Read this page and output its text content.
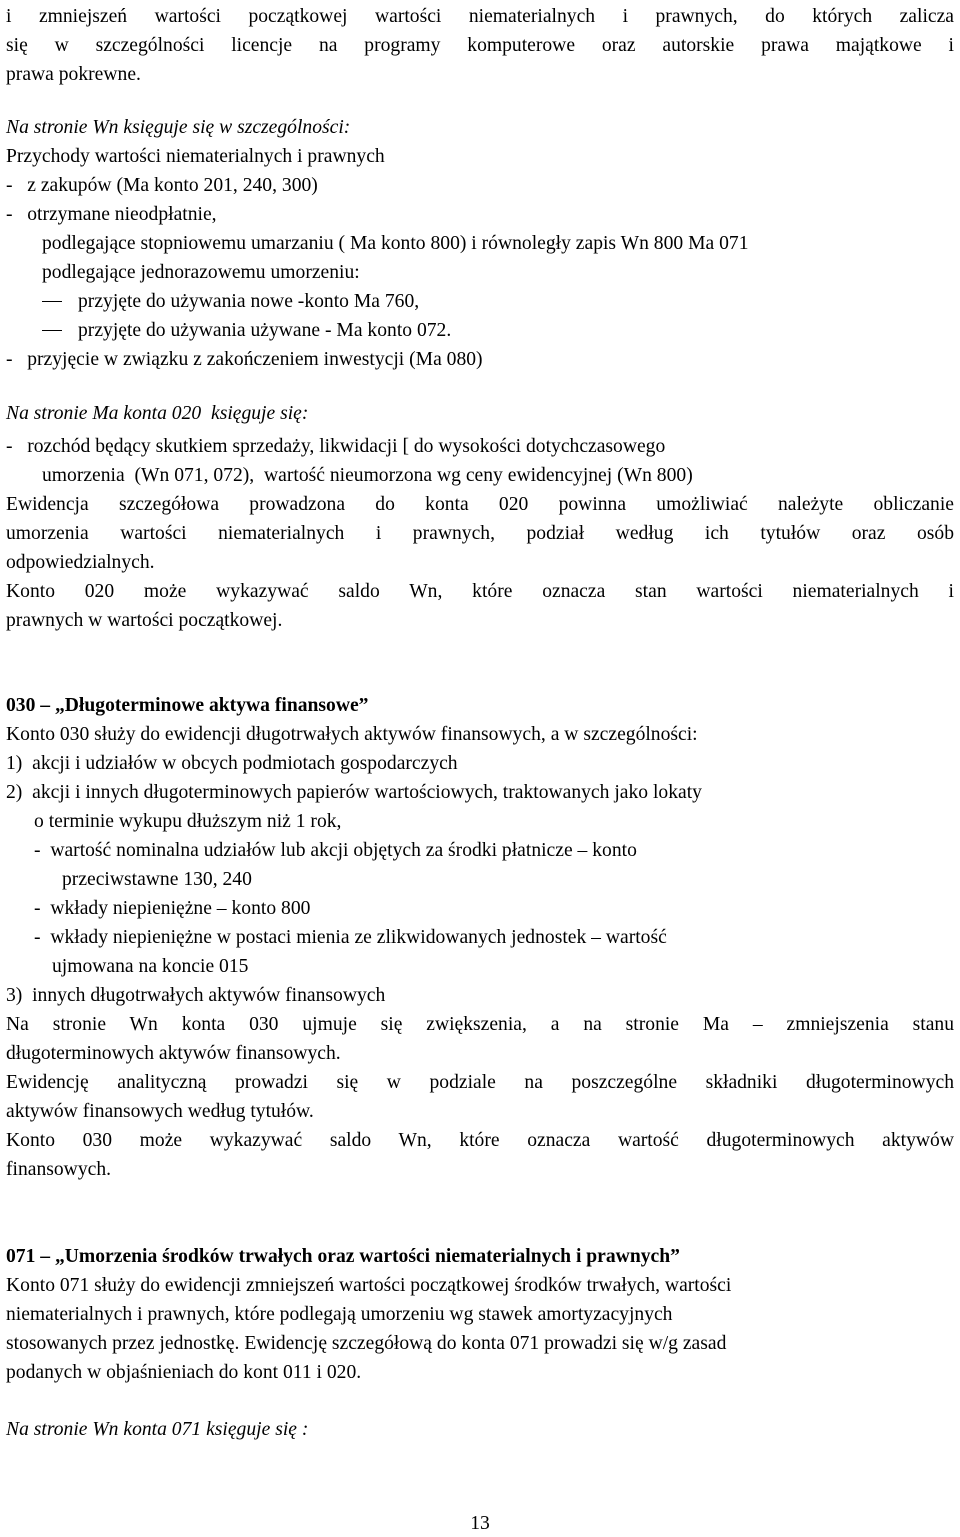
i zmniejszeń wartości początkowej wartości niematerialnych i prawnych, do których zalicza
się w szczególności licencje na programy komputerowe oraz autorskie prawa majątkowe i
prawa pokrewne.
Na stronie Wn księguje się w szczególności:
Przychody wartości niematerialnych i prawnych
-   z zakupów (Ma konto 201, 240, 300)
-   otrzymane nieodpłatnie,
podlegające stopniowemu umarzaniu ( Ma konto 800) i równoległy zapis Wn 800 Ma 071
podlegające jednorazowemu umorzeniu:
przyjęte do używania nowe -konto Ma 760,
przyjęte do używania używane - Ma konto 072.
-   przyjęcie w związku z zakończeniem inwestycji (Ma 080)
Na stronie Ma konta 020  księguje się:
-   rozchód będący skutkiem sprzedaży, likwidacji [ do wysokości dotychczasowego
umorzenia  (Wn 071, 072),  wartość nieumorzona wg ceny ewidencyjnej (Wn 800)
Ewidencja szczegółowa prowadzona do konta 020 powinna umożliwiać należyte obliczanie
umorzenia wartości niematerialnych i prawnych, podział według ich tytułów oraz osób
odpowiedzialnych.
Konto 020 może wykazywać saldo Wn, które oznacza stan wartości niematerialnych i
prawnych w wartości początkowej.
030 – „Długoterminowe aktywa finansowe”
Konto 030 służy do ewidencji długotrwałych aktywów finansowych, a w szczególności:
1)  akcji i udziałów w obcych podmiotach gospodarczych
2)  akcji i innych długoterminowych papierów wartościowych, traktowanych jako lokaty
o terminie wykupu dłuższym niż 1 rok,
-  wartość nominalna udziałów lub akcji objętych za środki płatnicze – konto
przeciwstawne 130, 240
-  wkłady niepieniężne – konto 800
-  wkłady niepieniężne w postaci mienia ze zlikwidowanych jednostek – wartość
ujmowana na koncie 015
3)  innych długotrwałych aktywów finansowych
Na stronie Wn konta 030 ujmuje się zwiększenia, a na stronie Ma – zmniejszenia stanu
długoterminowych aktywów finansowych.
Ewidencję analityczną prowadzi się w podziale na poszczególne składniki długoterminowych
aktywów finansowych według tytułów.
Konto 030 może wykazywać saldo Wn, które oznacza wartość długoterminowych aktywów
finansowych.
071 – „Umorzenia środków trwałych oraz wartości niematerialnych i prawnych”
Konto 071 służy do ewidencji zmniejszeń wartości początkowej środków trwałych, wartości
niematerialnych i prawnych, które podlegają umorzeniu wg stawek amortyzacyjnych
stosowanych przez jednostkę. Ewidencję szczegółową do konta 071 prowadzi się w/g zasad
podanych w objaśnieniach do kont 011 i 020.
Na stronie Wn konta 071 księguje się :
13
